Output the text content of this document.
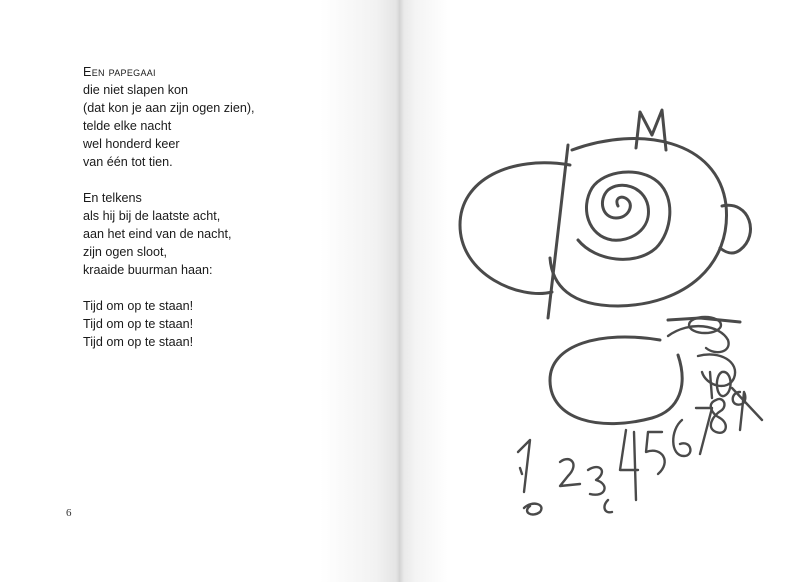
Een papegaai
die niet slapen kon
(dat kon je aan zijn ogen zien),
telde elke nacht
wel honderd keer
van één tot tien.
En telkens
als hij bij de laatste acht,
aan het eind van de nacht,
zijn ogen sloot,
kraaide buurman haan:
Tijd om op te staan!
Tijd om op te staan!
Tijd om op te staan!
6
